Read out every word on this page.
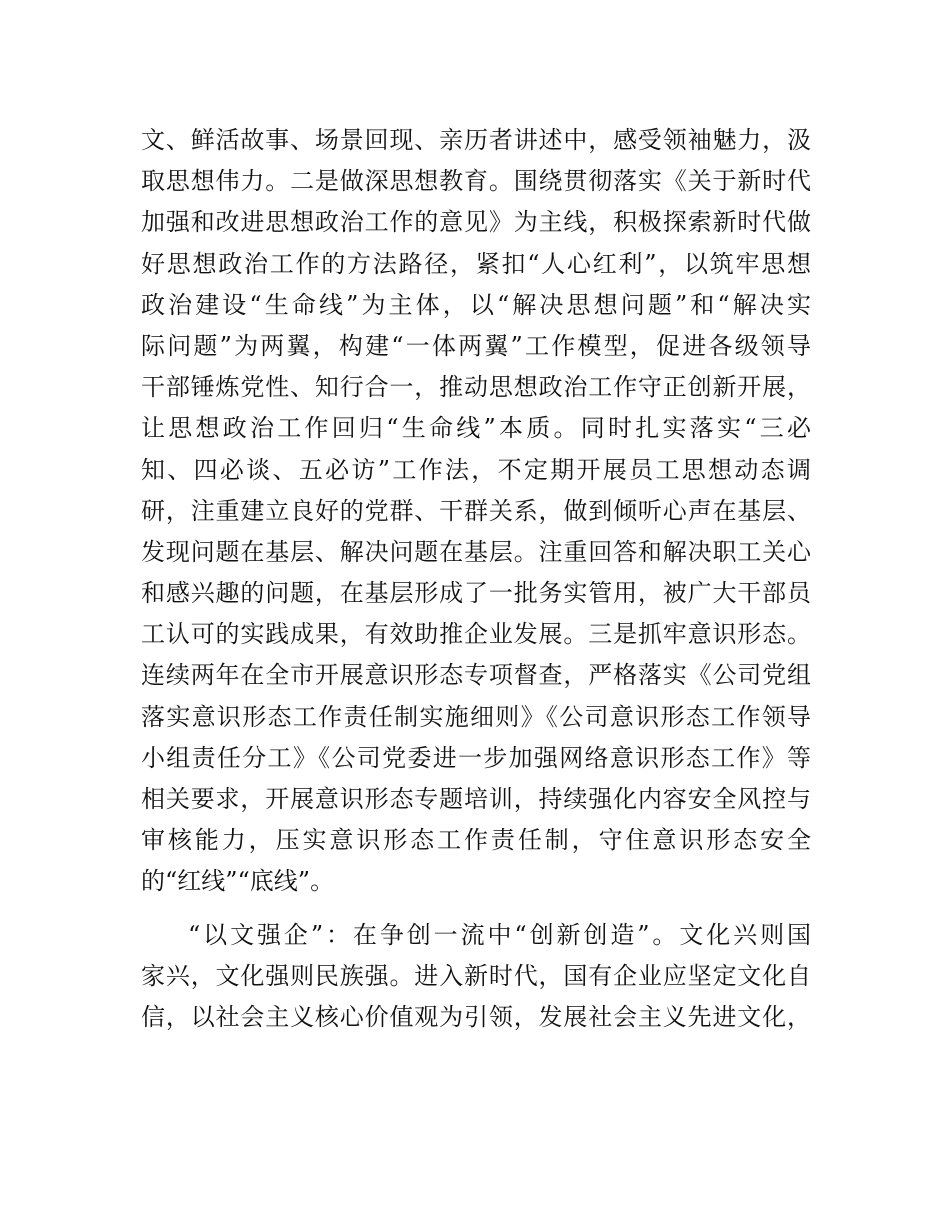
文、鲜活故事、场景回现、亲历者讲述中，感受领袖魅力，汲
取思想伟力。二是做深思想教育。围绕贯彻落实《关于新时代
加强和改进思想政治工作的意见》为主线，积极探索新时代做
好思想政治工作的方法路径，紧扣“人心红利”，以筑牢思想
政治建设“生命线”为主体，以“解决思想问题”和“解决实
际问题”为两翼，构建“一体两翼”工作模型，促进各级领导
干部锤炼党性、知行合一，推动思想政治工作守正创新开展，
让思想政治工作回归“生命线”本质。同时扎实落实“三必
知、四必谈、五必访”工作法，不定期开展员工思想动态调
研，注重建立良好的党群、干群关系，做到倾听心声在基层、
发现问题在基层、解决问题在基层。注重回答和解决职工关心
和感兴趣的问题，在基层形成了一批务实管用，被广大干部员
工认可的实践成果，有效助推企业发展。三是抓牢意识形态。
连续两年在全市开展意识形态专项督查，严格落实《公司党组
落实意识形态工作责任制实施细则》《公司意识形态工作领导
小组责任分工》《公司党委进一步加强网络意识形态工作》等
相关要求，开展意识形态专题培训，持续强化内容安全风控与
审核能力，压实意识形态工作责任制，守住意识形态安全
的“红线”“底线”。
“以文强企”：在争创一流中“创新创造”。文化兴则国
家兴，文化强则民族强。进入新时代，国有企业应坚定文化自
信，以社会主义核心价值观为引领，发展社会主义先进文化，
